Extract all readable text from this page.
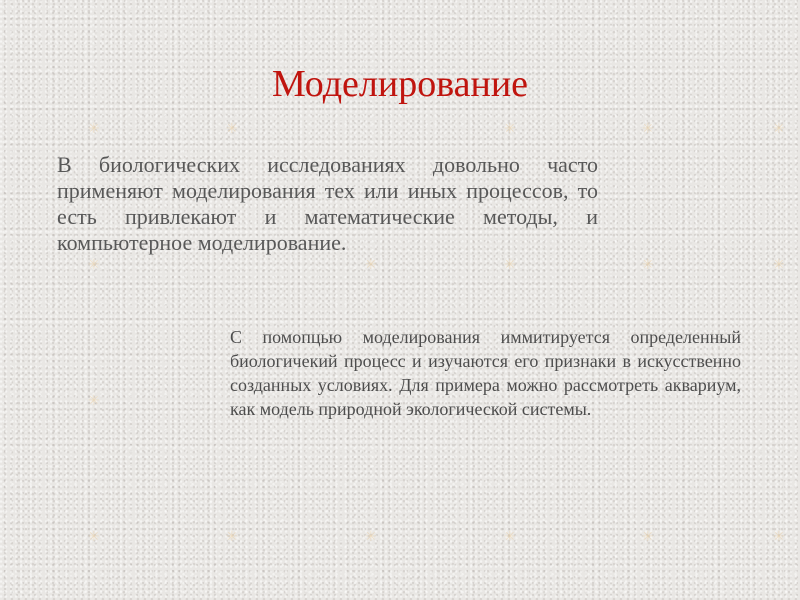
✳	✳	✳	✳	✳
✳	✳	✳	✳	✳
✳
✳	✳	✳	✳	✳	✳
Моделирование

В биологических исследованиях довольно часто применяют моделирования тех или иных процессов, то есть привлекают и математические методы, и компьютерное моделирование.

С помопцью моделирования иммитируется определенный биологичекий процесс и изучаются его признаки в искусственно созданных условиях. Для примера можно рассмотреть аквариум, как модель природной экологической системы.
